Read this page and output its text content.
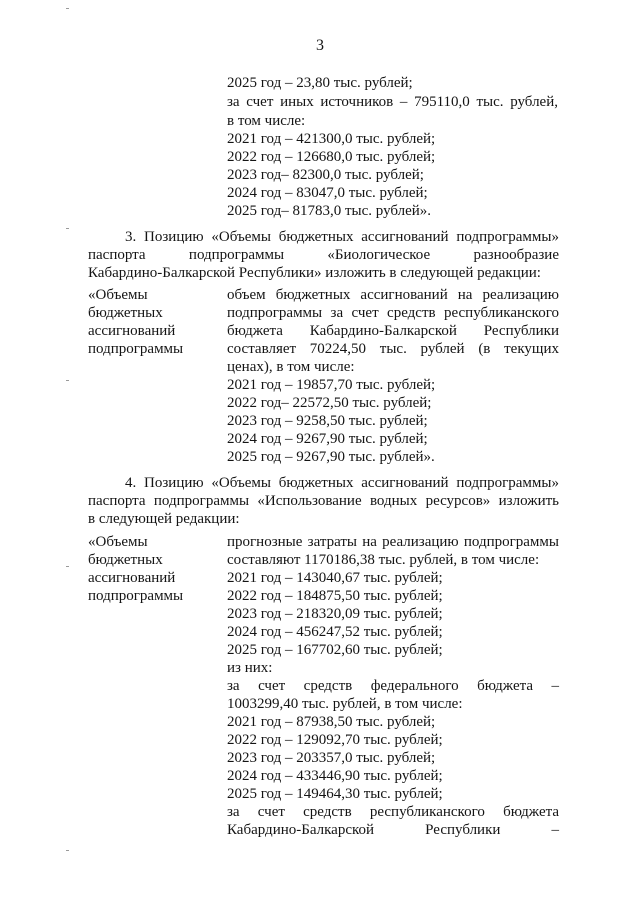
3
2025 год – 23,80 тыс. рублей;
за счет иных источников – 795110,0 тыс. рублей,
в том числе:
2021 год – 421300,0 тыс. рублей;
2022 год – 126680,0 тыс. рублей;
2023 год– 82300,0 тыс. рублей;
2024 год – 83047,0 тыс. рублей;
2025 год– 81783,0 тыс. рублей».
3. Позицию «Объемы бюджетных ассигнований подпрограммы»
паспорта подпрограммы «Биологическое разнообразие
Кабардино-Балкарской Республики» изложить в следующей редакции:
«Объемы
бюджетных
ассигнований
подпрограммы
объем бюджетных ассигнований на реализацию
подпрограммы за счет средств республиканского
бюджета Кабардино-Балкарской Республики
составляет 70224,50 тыс. рублей (в текущих
ценах), в том числе:
2021 год – 19857,70 тыс. рублей;
2022 год– 22572,50 тыс. рублей;
2023 год – 9258,50 тыс. рублей;
2024 год – 9267,90 тыс. рублей;
2025 год – 9267,90 тыс. рублей».
4. Позицию «Объемы бюджетных ассигнований подпрограммы»
паспорта подпрограммы «Использование водных ресурсов» изложить
в следующей редакции:
«Объемы
бюджетных
ассигнований
подпрограммы
прогнозные затраты на реализацию подпрограммы
составляют 1170186,38 тыс. рублей, в том числе:
2021 год – 143040,67 тыс. рублей;
2022 год – 184875,50 тыс. рублей;
2023 год – 218320,09 тыс. рублей;
2024 год – 456247,52 тыс. рублей;
2025 год – 167702,60 тыс. рублей;
из них:
за счет средств федерального бюджета –
1003299,40 тыс. рублей, в том числе:
2021 год – 87938,50 тыс. рублей;
2022 год – 129092,70 тыс. рублей;
2023 год – 203357,0 тыс. рублей;
2024 год – 433446,90 тыс. рублей;
2025 год – 149464,30 тыс. рублей;
за счет средств республиканского бюджета
Кабардино-Балкарской Республики –
